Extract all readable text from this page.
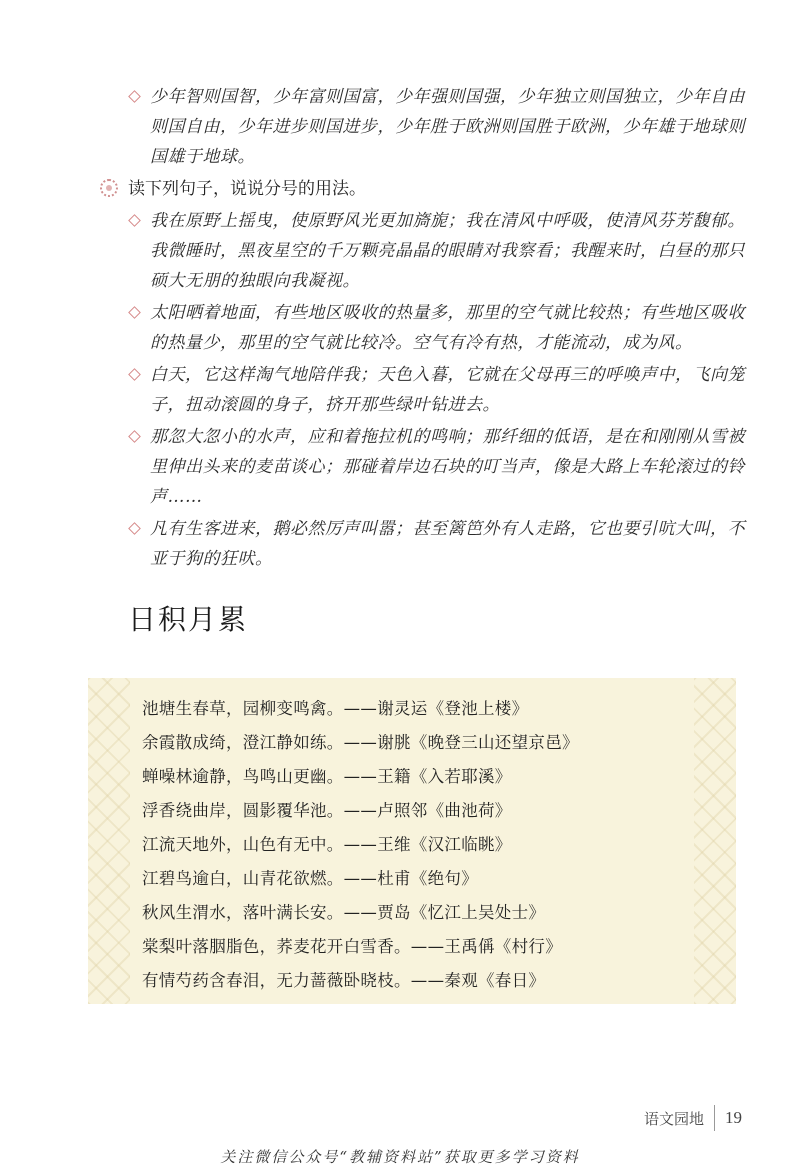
少年智则国智，少年富则国富，少年强则国强，少年独立则国独立，少年自由则国自由，少年进步则国进步，少年胜于欧洲则国胜于欧洲，少年雄于地球则国雄于地球。
读下列句子，说说分号的用法。
我在原野上摇曳，使原野风光更加旖旎；我在清风中呼吸，使清风芬芳馥郁。我微睡时，黑夜星空的千万颗亮晶晶的眼睛对我察看；我醒来时，白昼的那只硕大无朋的独眼向我凝视。
太阳晒着地面，有些地区吸收的热量多，那里的空气就比较热；有些地区吸收的热量少，那里的空气就比较冷。空气有冷有热，才能流动，成为风。
白天，它这样淘气地陪伴我；天色入暮，它就在父母再三的呼唤声中，飞向笼子，扭动滚圆的身子，挤开那些绿叶钻进去。
那忽大忽小的水声，应和着拖拉机的鸣响；那纤细的低语，是在和刚刚从雪被里伸出头来的麦苗谈心；那碰着岸边石块的叮当声，像是大路上车轮滚过的铃声……
凡有生客进来，鹅必然厉声叫嚣；甚至篱笆外有人走路，它也要引吭大叫，不亚于狗的狂吠。
日积月累
池塘生春草，园柳变鸣禽。——谢灵运《登池上楼》
余霞散成绮，澄江静如练。——谢朓《晚登三山还望京邑》
蝉噪林逾静，鸟鸣山更幽。——王籍《入若耶溪》
浮香绕曲岸，圆影覆华池。——卢照邻《曲池荷》
江流天地外，山色有无中。——王维《汉江临眺》
江碧鸟逾白，山青花欲燃。——杜甫《绝句》
秋风生渭水，落叶满长安。——贾岛《忆江上吴处士》
棠梨叶落胭脂色，荞麦花开白雪香。——王禹偁《村行》
有情芍药含春泪，无力蔷薇卧晓枝。——秦观《春日》
语文园地 19
关注微信公众号“教辅资料站”获取更多学习资料
